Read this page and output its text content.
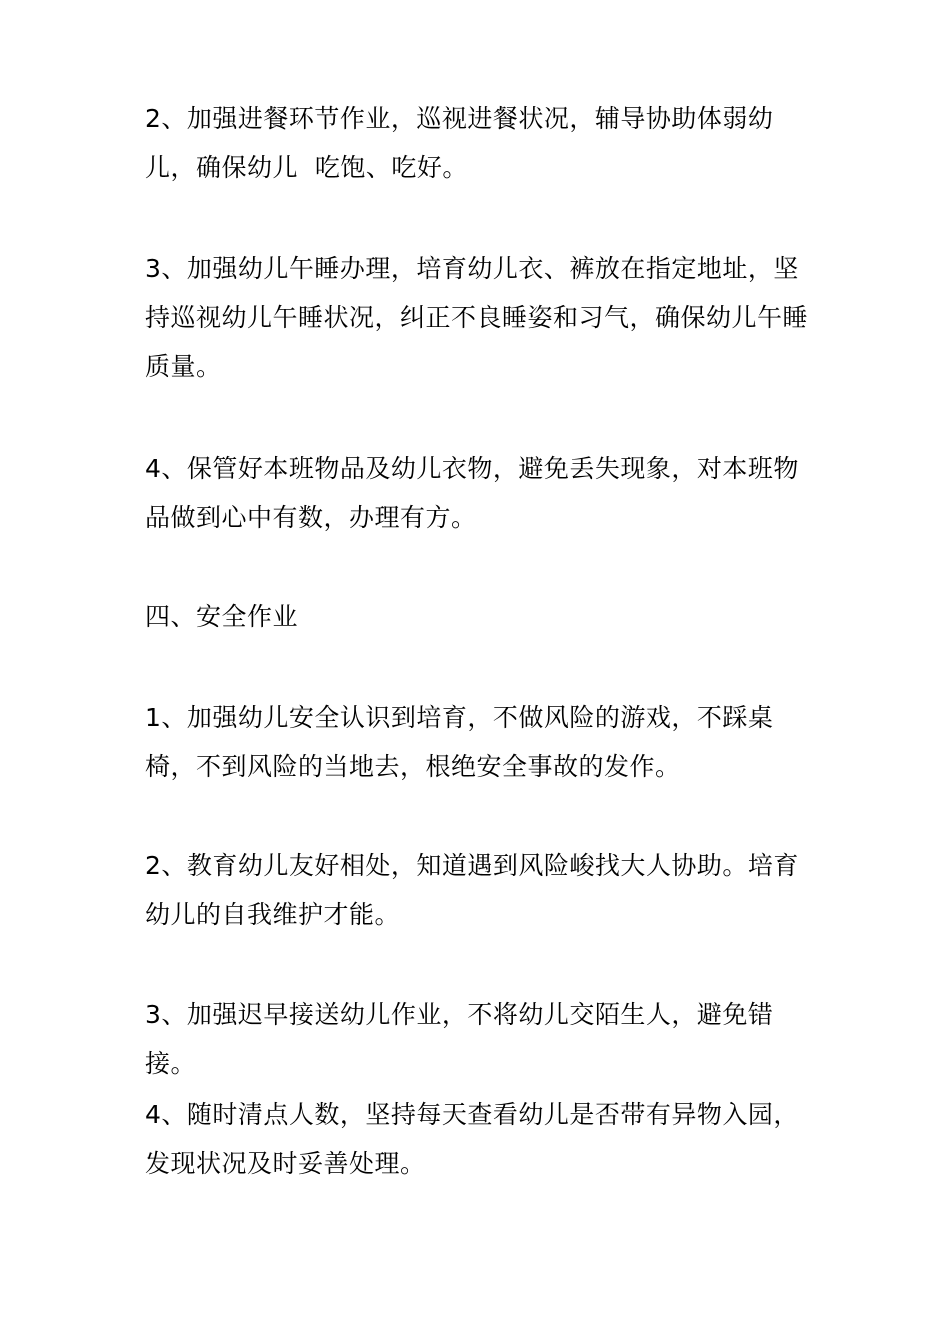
2、加强进餐环节作业，巡视进餐状况，辅导协助体弱幼儿，确保幼儿  吃饱、吃好。

3、加强幼儿午睡办理，培育幼儿衣、裤放在指定地址，坚持巡视幼儿午睡状况，纠正不良睡姿和习气，确保幼儿午睡质量。

4、保管好本班物品及幼儿衣物，避免丢失现象，对本班物品做到心中有数，办理有方。

四、安全作业

1、加强幼儿安全认识到培育，不做风险的游戏，不踩桌椅，不到风险的当地去，根绝安全事故的发作。

2、教育幼儿友好相处，知道遇到风险峻找大人协助。培育幼儿的自我维护才能。

3、加强迟早接送幼儿作业，不将幼儿交陌生人，避免错接。

4、随时清点人数，坚持每天查看幼儿是否带有异物入园，发现状况及时妥善处理。
